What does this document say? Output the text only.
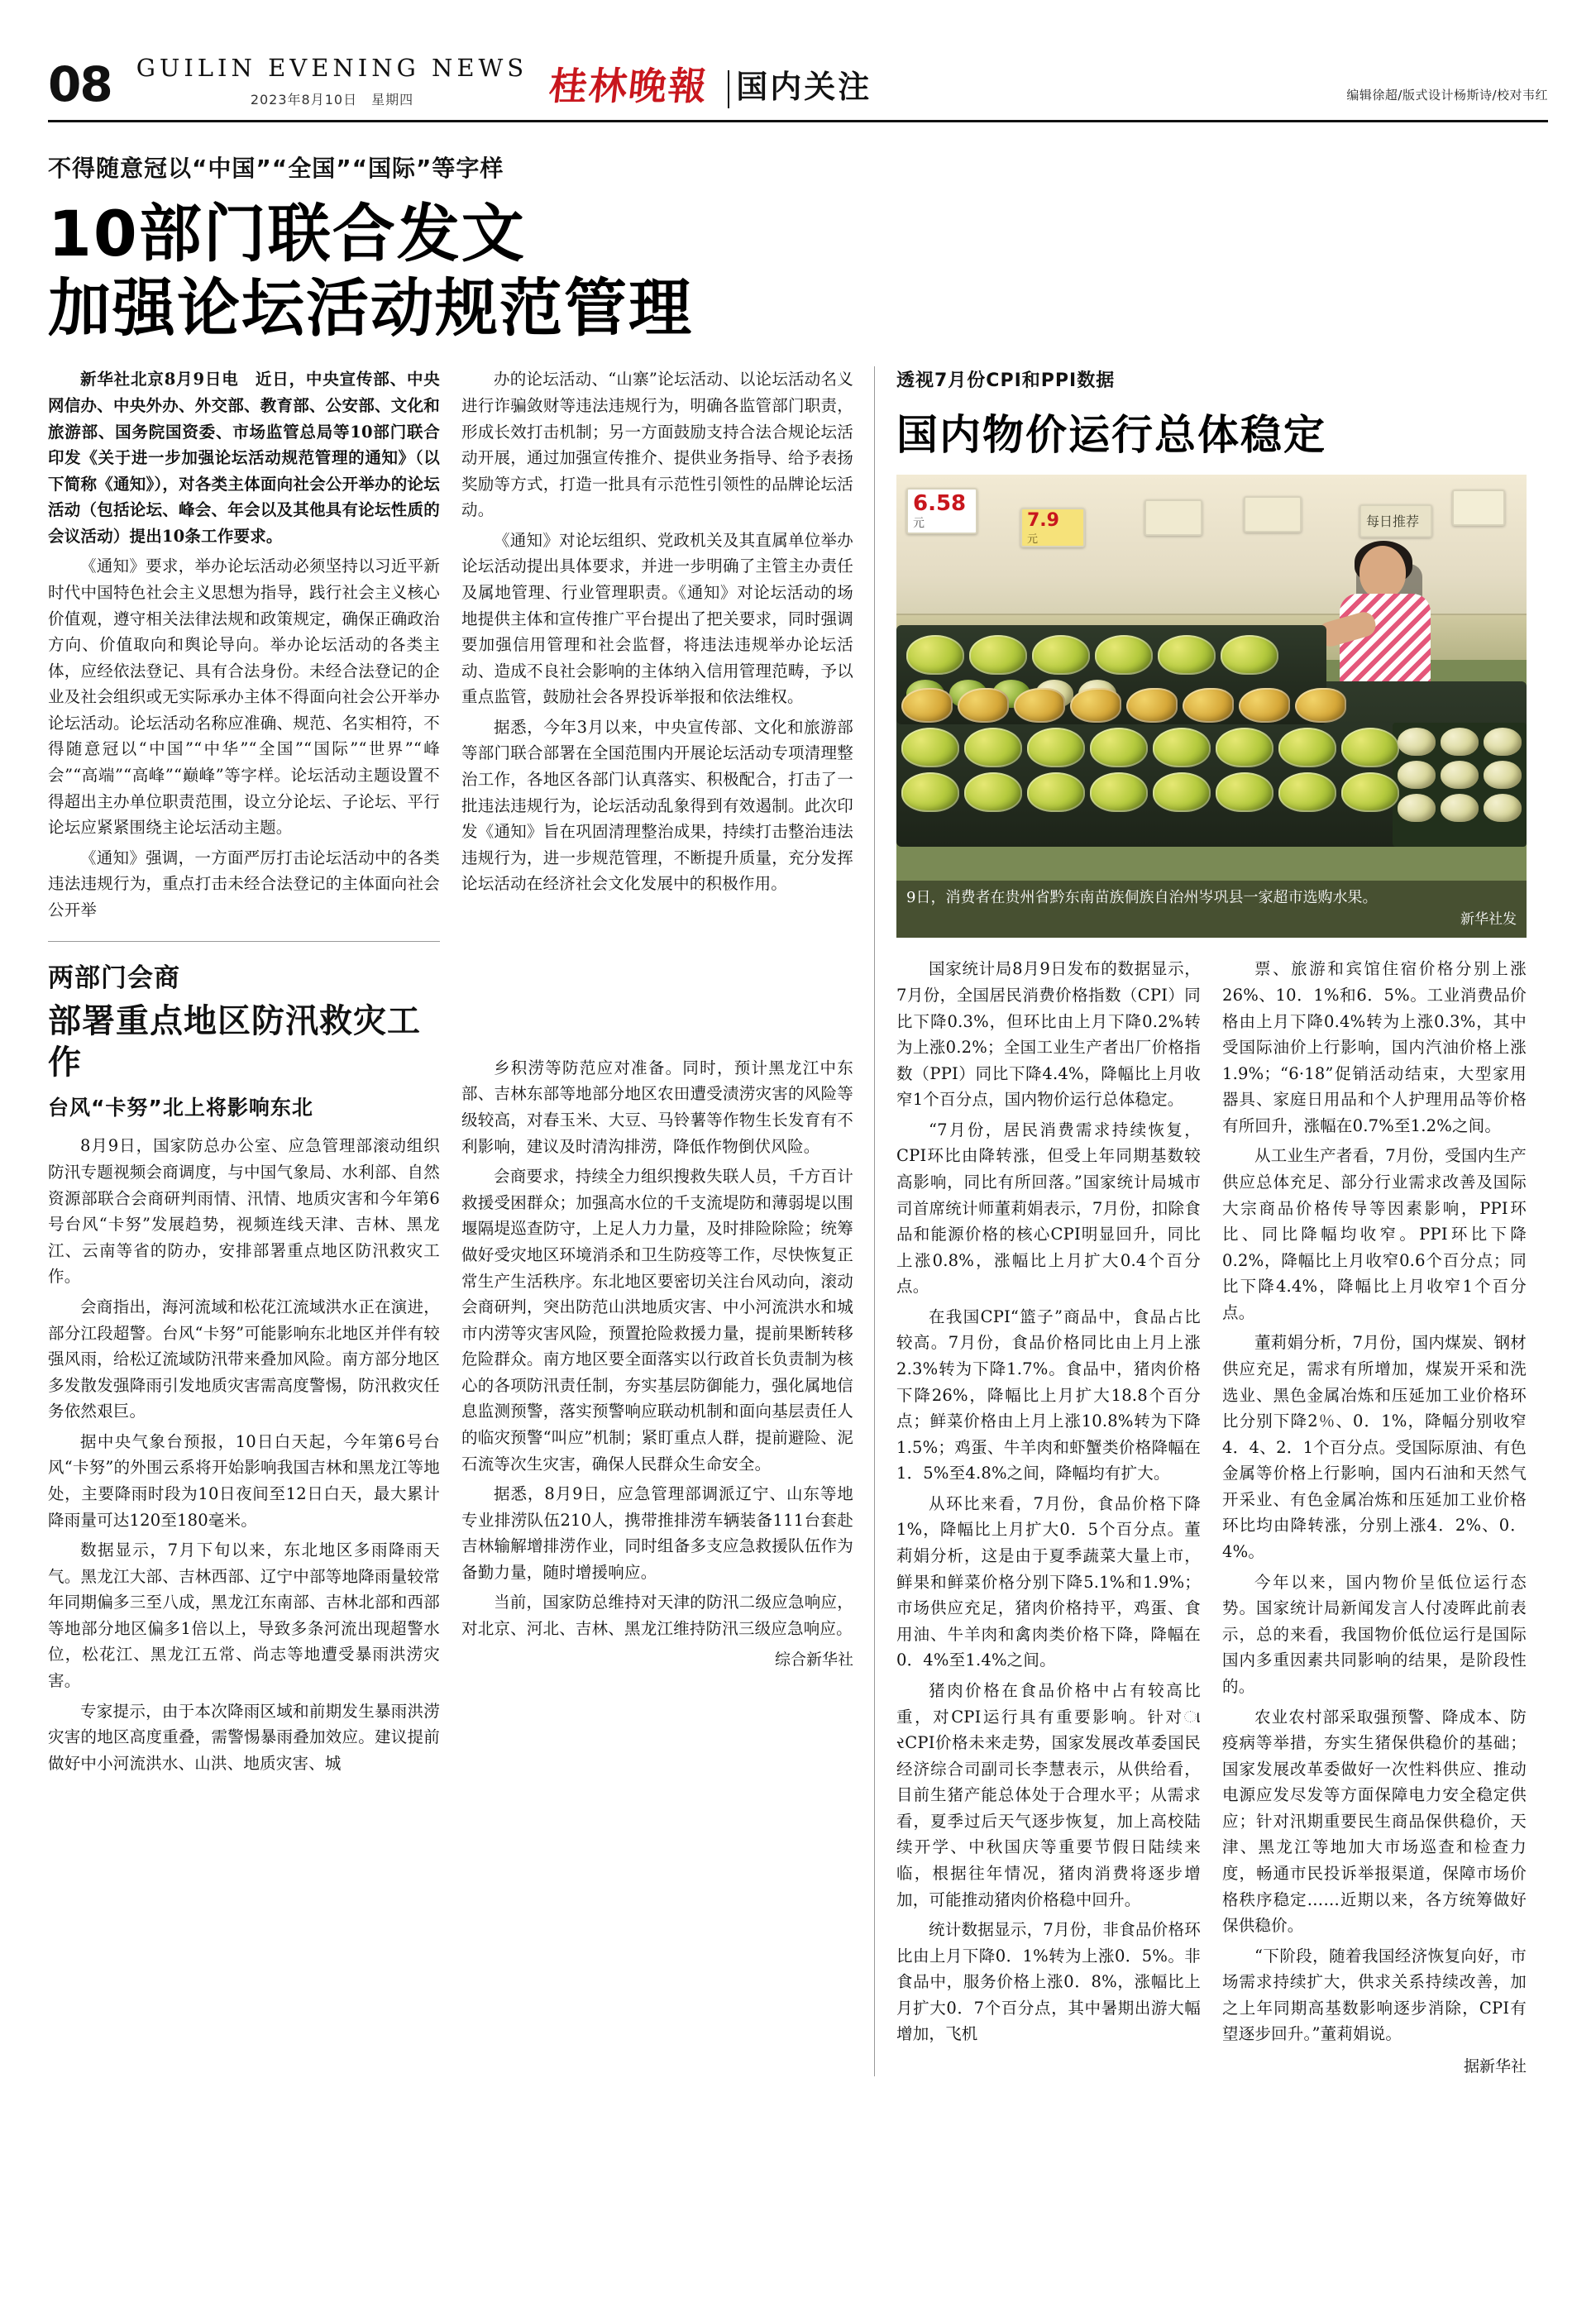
08 GUILIN EVENING NEWS
2023年8月10日　星期四	桂林晚報 国内关注	编辑徐超/版式设计杨斯诗/校对韦红
不得随意冠以“中国”“全国”“国际”等字样
10部门联合发文
加强论坛活动规范管理

新华社北京8月9日电　近日，中央宣传部、中央网信办、中央外办、外交部、教育部、公安部、文化和旅游部、国务院国资委、市场监管总局等10部门联合印发《关于进一步加强论坛活动规范管理的通知》（以下简称《通知》），对各类主体面向社会公开举办的论坛活动（包括论坛、峰会、年会以及其他具有论坛性质的会议活动）提出10条工作要求。

《通知》要求，举办论坛活动必须坚持以习近平新时代中国特色社会主义思想为指导，践行社会主义核心价值观，遵守相关法律法规和政策规定，确保正确政治方向、价值取向和舆论导向。举办论坛活动的各类主体，应经依法登记、具有合法身份。未经合法登记的企业及社会组织或无实际承办主体不得面向社会公开举办论坛活动。论坛活动名称应准确、规范、名实相符，不得随意冠以“中国”“中华”“全国”“国际”“世界”“峰会”“高端”“高峰”“巅峰”等字样。论坛活动主题设置不得超出主办单位职责范围，设立分论坛、子论坛、平行论坛应紧紧围绕主论坛活动主题。

《通知》强调，一方面严厉打击论坛活动中的各类违法违规行为，重点打击未经合法登记的主体面向社会公开举

两部门会商
部署重点地区防汛救灾工作
台风“卡努”北上将影响东北

8月9日，国家防总办公室、应急管理部滚动组织防汛专题视频会商调度，与中国气象局、水利部、自然资源部联合会商研判雨情、汛情、地质灾害和今年第6号台风“卡努”发展趋势，视频连线天津、吉林、黑龙江、云南等省的防办，安排部署重点地区防汛救灾工作。

会商指出，海河流域和松花江流域洪水正在演进，部分江段超警。台风“卡努”可能影响东北地区并伴有较强风雨，给松辽流域防汛带来叠加风险。南方部分地区多发散发强降雨引发地质灾害需高度警惕，防汛救灾任务依然艰巨。

据中央气象台预报，10日白天起，今年第6号台风“卡努”的外围云系将开始影响我国吉林和黑龙江等地处，主要降雨时段为10日夜间至12日白天，最大累计降雨量可达120至180毫米。

数据显示，7月下旬以来，东北地区多雨降雨天气。黑龙江大部、吉林西部、辽宁中部等地降雨量较常年同期偏多三至八成，黑龙江东南部、吉林北部和西部等地部分地区偏多1倍以上，导致多条河流出现超警水位，松花江、黑龙江五常、尚志等地遭受暴雨洪涝灾害。

专家提示，由于本次降雨区域和前期发生暴雨洪涝灾害的地区高度重叠，需警惕暴雨叠加效应。建议提前做好中小河流洪水、山洪、地质灾害、城

办的论坛活动、“山寨”论坛活动、以论坛活动名义进行诈骗敛财等违法违规行为，明确各监管部门职责，形成长效打击机制；另一方面鼓励支持合法合规论坛活动开展，通过加强宣传推介、提供业务指导、给予表扬奖励等方式，打造一批具有示范性引领性的品牌论坛活动。

《通知》对论坛组织、党政机关及其直属单位举办论坛活动提出具体要求，并进一步明确了主管主办责任及属地管理、行业管理职责。《通知》对论坛活动的场地提供主体和宣传推广平台提出了把关要求，同时强调要加强信用管理和社会监督，将违法违规举办论坛活动、造成不良社会影响的主体纳入信用管理范畴，予以重点监管，鼓励社会各界投诉举报和依法维权。

据悉，今年3月以来，中央宣传部、文化和旅游部等部门联合部署在全国范围内开展论坛活动专项清理整治工作，各地区各部门认真落实、积极配合，打击了一批违法违规行为，论坛活动乱象得到有效遏制。此次印发《通知》旨在巩固清理整治成果，持续打击整治违法违规行为，进一步规范管理，不断提升质量，充分发挥论坛活动在经济社会文化发展中的积极作用。

乡积涝等防范应对准备。同时，预计黑龙江中东部、吉林东部等地部分地区农田遭受渍涝灾害的风险等级较高，对春玉米、大豆、马铃薯等作物生长发育有不利影响，建议及时清沟排涝，降低作物倒伏风险。

会商要求，持续全力组织搜救失联人员，千方百计救援受困群众；加强高水位的千支流堤防和薄弱堤以围堰隔堤巡查防守，上足人力力量，及时排险除险；统筹做好受灾地区环境消杀和卫生防疫等工作，尽快恢复正常生产生活秩序。东北地区要密切关注台风动向，滚动会商研判，突出防范山洪地质灾害、中小河流洪水和城市内涝等灾害风险，预置抢险救援力量，提前果断转移危险群众。南方地区要全面落实以行政首长负责制为核心的各项防汛责任制，夯实基层防御能力，强化属地信息监测预警，落实预警响应联动机制和面向基层责任人的临灾预警“叫应”机制；紧盯重点人群，提前避险、泥石流等次生灾害，确保人民群众生命安全。

据悉，8月9日，应急管理部调派辽宁、山东等地专业排涝队伍210人，携带推排涝车辆装备111台套赴吉林输解增排涝作业，同时组备多支应急救援队伍作为备勤力量，随时增援响应。

当前，国家防总维持对天津的防汛二级应急响应，对北京、河北、吉林、黑龙江维持防汛三级应急响应。

综合新华社
透视7月份CPI和PPI数据
国内物价运行总体稳定
6.58
元	7.9
元
每日推荐
9日，消费者在贵州省黔东南苗族侗族自治州岑巩县一家超市选购水果。
新华社发

国家统计局8月9日发布的数据显示，7月份，全国居民消费价格指数（CPI）同比下降0.3%，但环比由上月下降0.2%转为上涨0.2%；全国工业生产者出厂价格指数（PPI）同比下降4.4%，降幅比上月收窄1个百分点，国内物价运行总体稳定。

“7月份，居民消费需求持续恢复，CPI环比由降转涨，但受上年同期基数较高影响，同比有所回落。”国家统计局城市司首席统计师董莉娟表示，7月份，扣除食品和能源价格的核心CPI明显回升，同比上涨0.8%，涨幅比上月扩大0.4个百分点。

在我国CPI“篮子”商品中，食品占比较高。7月份，食品价格同比由上月上涨2.3%转为下降1.7%。食品中，猪肉价格下降26%，降幅比上月扩大18.8个百分点；鲜菜价格由上月上涨10.8%转为下降1.5%；鸡蛋、牛羊肉和虾蟹类价格降幅在1．5%至4.8%之间，降幅均有扩大。

从环比来看，7月份，食品价格下降1%，降幅比上月扩大0．5个百分点。董莉娟分析，这是由于夏季蔬菜大量上市，鲜果和鲜菜价格分别下降5.1%和1.9%；市场供应充足，猪肉价格持平，鸡蛋、食用油、牛羊肉和禽肉类价格下降，降幅在0．4%至1.4%之间。

猪肉价格在食品价格中占有较高比重，对CPI运行具有重要影响。针对ારCPI价格未来走势，国家发展改革委国民经济综合司副司长李慧表示，从供给看，目前生猪产能总体处于合理水平；从需求看，夏季过后天气逐步恢复，加上高校陆续开学、中秋国庆等重要节假日陆续来临，根据往年情况，猪肉消费将逐步增加，可能推动猪肉价格稳中回升。

统计数据显示，7月份，非食品价格环比由上月下降0．1%转为上涨0．5%。非食品中，服务价格上涨0．8%，涨幅比上月扩大0．7个百分点，其中暑期出游大幅增加，飞机

票、旅游和宾馆住宿价格分别上涨26%、10．1%和6．5%。工业消费品价格由上月下降0.4%转为上涨0.3%，其中受国际油价上行影响，国内汽油价格上涨1.9%；“6·18”促销活动结束，大型家用器具、家庭日用品和个人护理用品等价格有所回升，涨幅在0.7%至1.2%之间。

从工业生产者看，7月份，受国内生产供应总体充足、部分行业需求改善及国际大宗商品价格传导等因素影响，PPI环比、同比降幅均收窄。PPI环比下降0.2%，降幅比上月收窄0.6个百分点；同比下降4.4%，降幅比上月收窄1个百分点。

董莉娟分析，7月份，国内煤炭、钢材供应充足，需求有所增加，煤炭开采和洗选业、黑色金属冶炼和压延加工业价格环比分别下降2％、0．1%，降幅分别收窄4．4、2．1个百分点。受国际原油、有色金属等价格上行影响，国内石油和天然气开采业、有色金属冶炼和压延加工业价格环比均由降转涨，分别上涨4．2%、0．4%。

今年以来，国内物价呈低位运行态势。国家统计局新闻发言人付凌晖此前表示，总的来看，我国物价低位运行是国际国内多重因素共同影响的结果，是阶段性的。

农业农村部采取强预警、降成本、防疫病等举措，夯实生猪保供稳价的基础；国家发展改革委做好一次性料供应、推动电源应发尽发等方面保障电力安全稳定供应；针对汛期重要民生商品保供稳价，天津、黑龙江等地加大市场巡查和检查力度，畅通市民投诉举报渠道，保障市场价格秩序稳定……近期以来，各方统筹做好保供稳价。

“下阶段，随着我国经济恢复向好，市场需求持续扩大，供求关系持续改善，加之上年同期高基数影响逐步消除，CPI有望逐步回升。”董莉娟说。

据新华社
